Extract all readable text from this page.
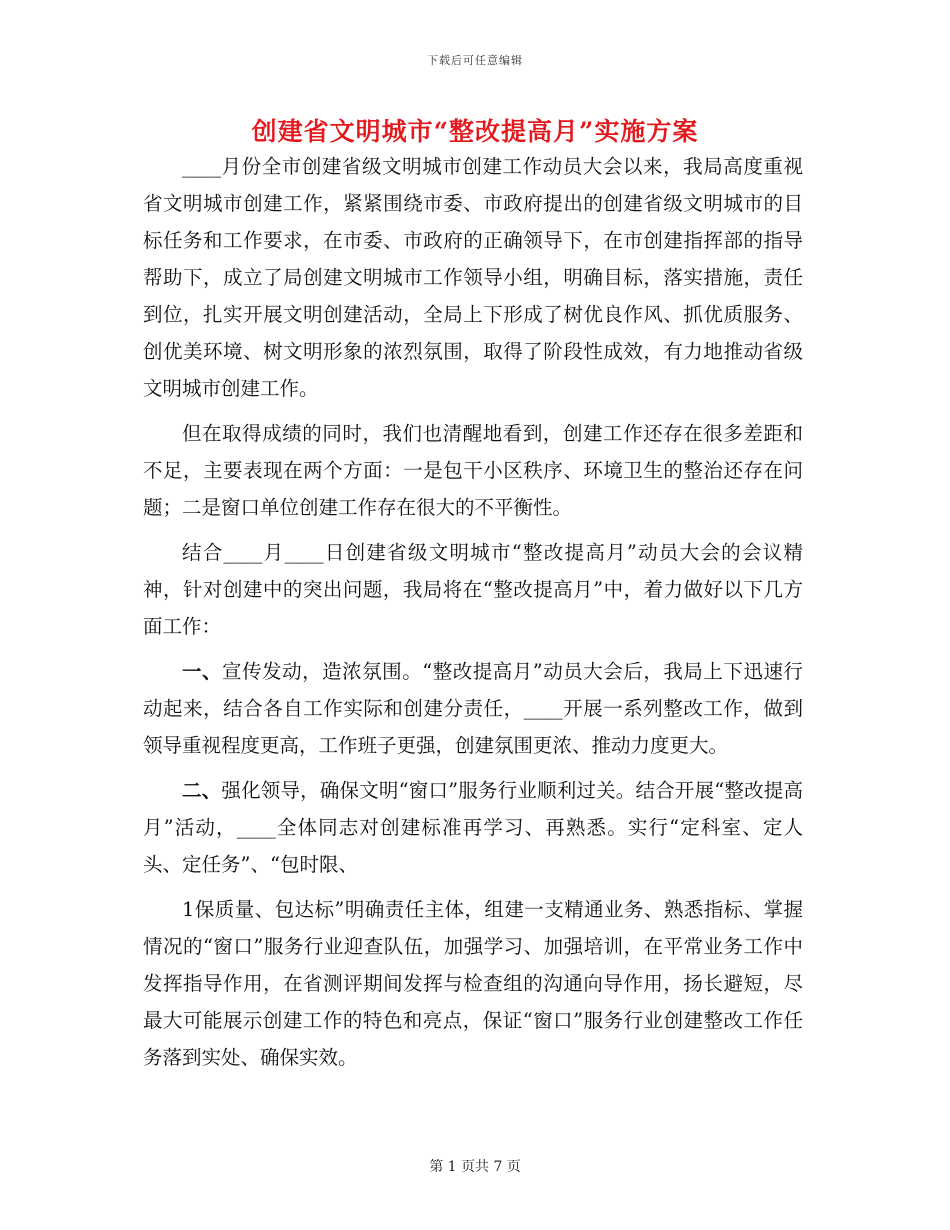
下载后可任意编辑
创建省文明城市“整改提高月”实施方案

____月份全市创建省级文明城市创建工作动员大会以来，我局高度重视省文明城市创建工作，紧紧围绕市委、市政府提出的创建省级文明城市的目标任务和工作要求，在市委、市政府的正确领导下，在市创建指挥部的指导帮助下，成立了局创建文明城市工作领导小组，明确目标，落实措施，责任到位，扎实开展文明创建活动，全局上下形成了树优良作风、抓优质服务、创优美环境、树文明形象的浓烈氛围，取得了阶段性成效，有力地推动省级文明城市创建工作。

但在取得成绩的同时，我们也清醒地看到，创建工作还存在很多差距和不足，主要表现在两个方面：一是包干小区秩序、环境卫生的整治还存在问题；二是窗口单位创建工作存在很大的不平衡性。

结合____月____日创建省级文明城市“整改提高月”动员大会的会议精神，针对创建中的突出问题，我局将在“整改提高月”中，着力做好以下几方面工作：

一、宣传发动，造浓氛围。“整改提高月”动员大会后，我局上下迅速行动起来，结合各自工作实际和创建分责任，____开展一系列整改工作，做到领导重视程度更高，工作班子更强，创建氛围更浓、推动力度更大。

二、强化领导，确保文明“窗口”服务行业顺利过关。结合开展“整改提高月”活动，____全体同志对创建标准再学习、再熟悉。实行“定科室、定人头、定任务”、“包时限、

1保质量、包达标”明确责任主体，组建一支精通业务、熟悉指标、掌握情况的“窗口”服务行业迎查队伍，加强学习、加强培训，在平常业务工作中发挥指导作用，在省测评期间发挥与检查组的沟通向导作用，扬长避短，尽最大可能展示创建工作的特色和亮点，保证“窗口”服务行业创建整改工作任务落到实处、确保实效。

第 1 页共 7 页
